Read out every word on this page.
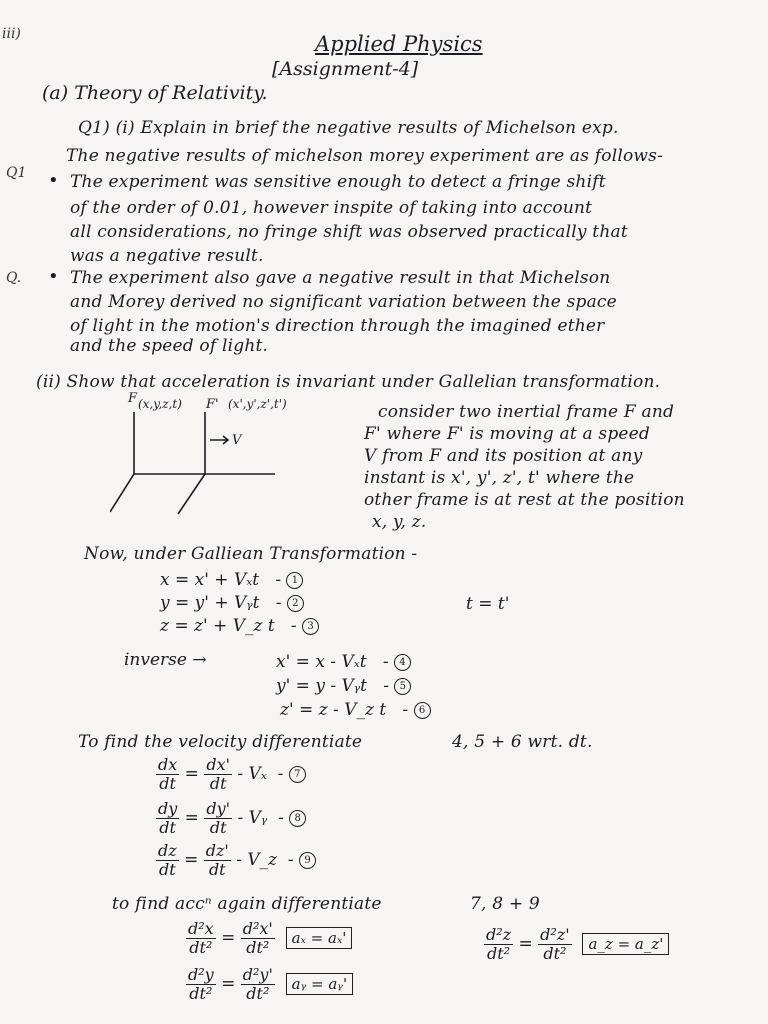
iii)	Applied Physics
[Assignment-4]
(a) Theory of Relativity.
Q1) (i) Explain in brief the negative results of Michelson exp.
The negative results of michelson morey experiment are as follows-
Q1 • The experiment was sensitive enough to detect a fringe shift
of the order of 0.01, however inspite of taking into account
all considerations, no fringe shift was observed practically that
was a negative result.
Q. • The experiment also gave a negative result in that Michelson
and Morey derived no significant variation between the space
of light in the motion's direction through the imagined ether
and the speed of light.
(ii) Show that acceleration is invariant under Gallelian transformation.
F (x,y,z,t) F' (x',y',z',t')
V
consider two inertial frame F and
F' where F' is moving at a speed
V from F and its position at any
instant is x', y', z', t' where the
other frame is at rest at the position
x, y, z.
Now, under Galliean Transformation -
x = x' + Vₓt   - 1
y = y' + Vᵧt   - 2
z = z' + V_z t   - 3
t = t'
inverse →	x' = x - Vₓt   - 4
y' = y - Vᵧt   - 5
z' = z - V_z t   - 6
To find the velocity differentiate	4, 5 + 6 wrt. dt.
$\frac{dx}{dt} = \frac{dx'}{dt} - V_x - 7$
$\frac{dy}{dt} = \frac{dy'}{dt}$ - Vᵧ  - 8
$\frac{dz}{dt} = \frac{dz'}{dt}$ - V_z  - 9
to find accⁿ again differentiate	7, 8 + 9
$\frac{\text{d²x}}{\text{dt²}} = \frac{\text{d²x'}}{\text{dt²}}$ aₓ = aₓ'	$\frac{\text{d²z}}{\text{dt²}} = \frac{\text{d²z'}}{\text{dt²}}$ a_z = a_z'
$\frac{\text{d²y}}{\text{dt²}} = \frac{\text{d²y'}}{\text{dt²}}$ aᵧ = aᵧ'
